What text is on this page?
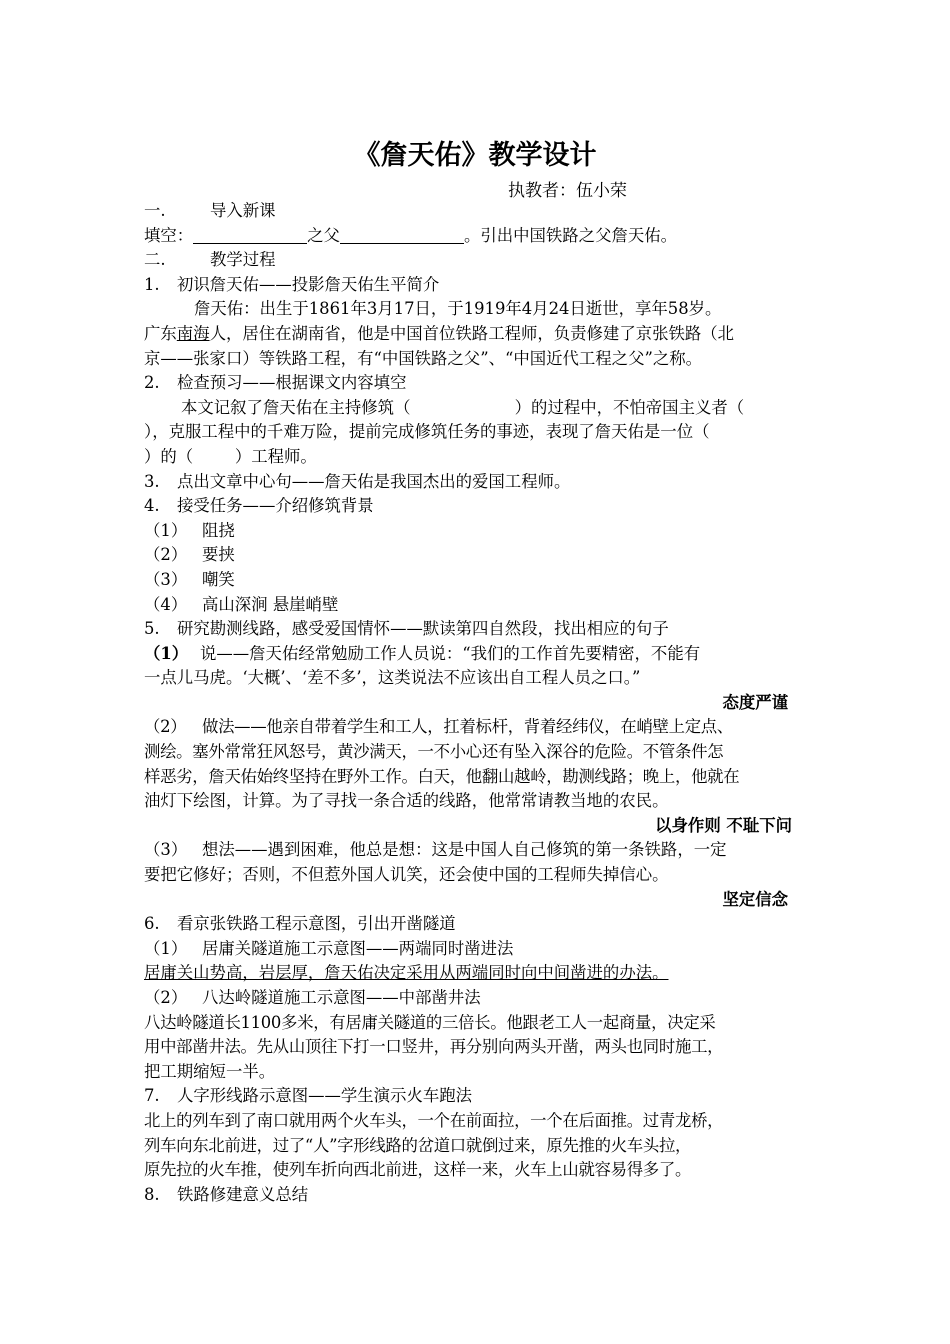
《詹天佑》教学设计
执教者：伍小荣
一.	导入新课
填空：	之父	。引出中国铁路之父詹天佑。
二.	教学过程
1. 初识詹天佑——投影詹天佑生平简介
詹天佑：出生于1861年3月17日，于1919年4月24日逝世，享年58岁。
广东南海人，居住在湖南省，他是中国首位铁路工程师，负责修建了京张铁路（北
京——张家口）等铁路工程，有“中国铁路之父”、“中国近代工程之父”之称。
2. 检查预习——根据课文内容填空
本文记叙了詹天佑在主持修筑（                    ）的过程中，不怕帝国主义者（
），克服工程中的千难万险，提前完成修筑任务的事迹，表现了詹天佑是一位（
）的（        ）工程师。
3. 点出文章中心句——詹天佑是我国杰出的爱国工程师。
4. 接受任务——介绍修筑背景
（1） 阻挠
（2） 要挟
（3） 嘲笑
（4） 高山深涧 悬崖峭壁
5. 研究勘测线路，感受爱国情怀——默读第四自然段，找出相应的句子
（1） 说——詹天佑经常勉励工作人员说：“我们的工作首先要精密，不能有
一点儿马虎。‘大概’、‘差不多’，这类说法不应该出自工程人员之口。”
态度严谨
（2） 做法——他亲自带着学生和工人，扛着标杆，背着经纬仪，在峭壁上定点、
测绘。塞外常常狂风怒号，黄沙满天，一不小心还有坠入深谷的危险。不管条件怎
样恶劣，詹天佑始终坚持在野外工作。白天，他翻山越岭，勘测线路；晚上，他就在
油灯下绘图，计算。为了寻找一条合适的线路，他常常请教当地的农民。
以身作则 不耻下问
（3） 想法——遇到困难，他总是想：这是中国人自己修筑的第一条铁路，一定
要把它修好；否则，不但惹外国人讥笑，还会使中国的工程师失掉信心。
坚定信念
6. 看京张铁路工程示意图，引出开凿隧道
（1） 居庸关隧道施工示意图——两端同时凿进法
居庸关山势高，岩层厚，詹天佑决定采用从两端同时向中间凿进的办法。
（2） 八达岭隧道施工示意图——中部凿井法
八达岭隧道长1100多米，有居庸关隧道的三倍长。他跟老工人一起商量，决定采
用中部凿井法。先从山顶往下打一口竖井，再分别向两头开凿，两头也同时施工，
把工期缩短一半。
7. 人字形线路示意图——学生演示火车跑法
北上的列车到了南口就用两个火车头，一个在前面拉，一个在后面推。过青龙桥，
列车向东北前进，过了“人”字形线路的岔道口就倒过来，原先推的火车头拉，
原先拉的火车推，使列车折向西北前进，这样一来，火车上山就容易得多了。
8. 铁路修建意义总结
